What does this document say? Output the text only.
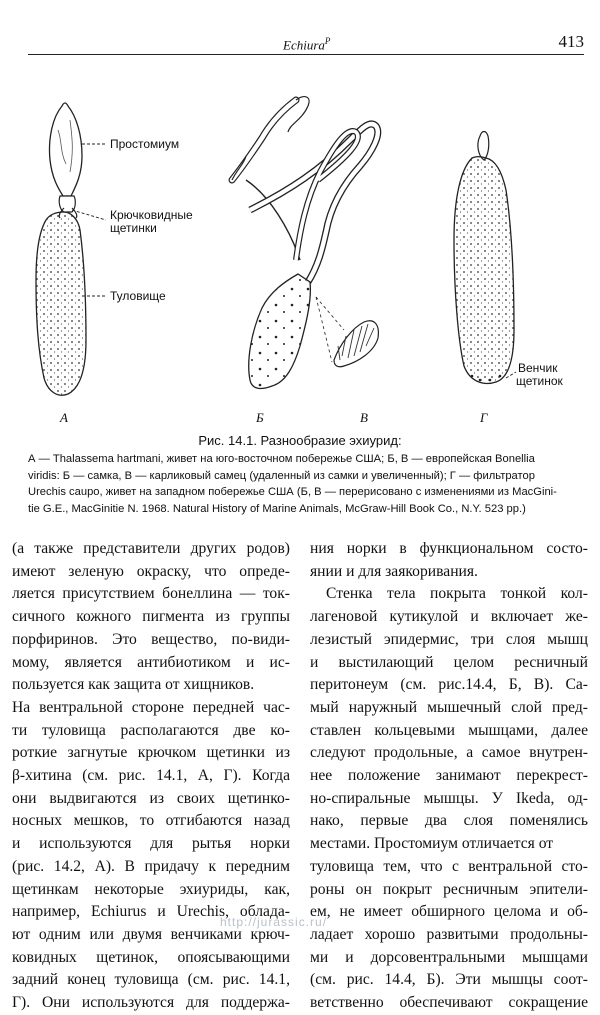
Echiura$^P$	413
Простомиум
Крючковидные
щетинки
Туловище
Венчик
щетинок
А	Б	В	Г
Рис. 14.1. Разнообразие эхиурид:
А — Thalassema hartmani, живет на юго-восточном побережье США; Б, В — европейская Bonellia
viridis: Б — самка, В — карликовый самец (удаленный из самки и увеличенный); Г — фильтратор
Urechis caupo, живет на западном побережье США (Б, В — перерисовано с изменениями из MacGini-
tie G.E., MacGinitie N. 1968. Natural History of Marine Animals, McGraw-Hill Book Co., N.Y. 523 pp.)
(а также представители других родов)
имеют зеленую окраску, что опреде-
ляется присутствием бонеллина — ток-
сичного кожного пигмента из группы
порфиринов. Это вещество, по-види-
мому, является антибиотиком и ис-
пользуется как защита от хищников.
На вентральной стороне передней час-
ти туловища располагаются две ко-
роткие загнутые крючком щетинки из
β-хитина (см. рис. 14.1, А, Г). Когда
они выдвигаются из своих щетинко-
носных мешков, то отгибаются назад
и используются для рытья норки
(рис. 14.2, А). В придачу к передним
щетинкам некоторые эхиуриды, как,
например, Echiurus и Urechis, облада-
ют одним или двумя венчиками крюч-
ковидных щетинок, опоясывающими
задний конец туловища (см. рис. 14.1,
Г). Они используются для поддержа-
ния норки в функциональном состо-
янии и для заякоривания.
Стенка тела покрыта тонкой кол-
лагеновой кутикулой и включает же-
лезистый эпидермис, три слоя мышц
и выстилающий целом ресничный
перитонеум (см. рис.14.4, Б, В). Са-
мый наружный мышечный слой пред-
ставлен кольцевыми мышцами, далее
следуют продольные, а самое внутрен-
нее положение занимают перекрест-
но-спиральные мышцы. У Ikeda, од-
нако, первые два слоя поменялись
местами. Простомиум отличается от
туловища тем, что с вентральной сто-
роны он покрыт ресничным эпители-
ем, не имеет обширного целома и об-
ладает хорошо развитыми продольны-
ми и дорсовентральными мышцами
(см. рис. 14.4, Б). Эти мышцы соот-
ветственно обеспечивают сокращение
http://jurassic.ru/
